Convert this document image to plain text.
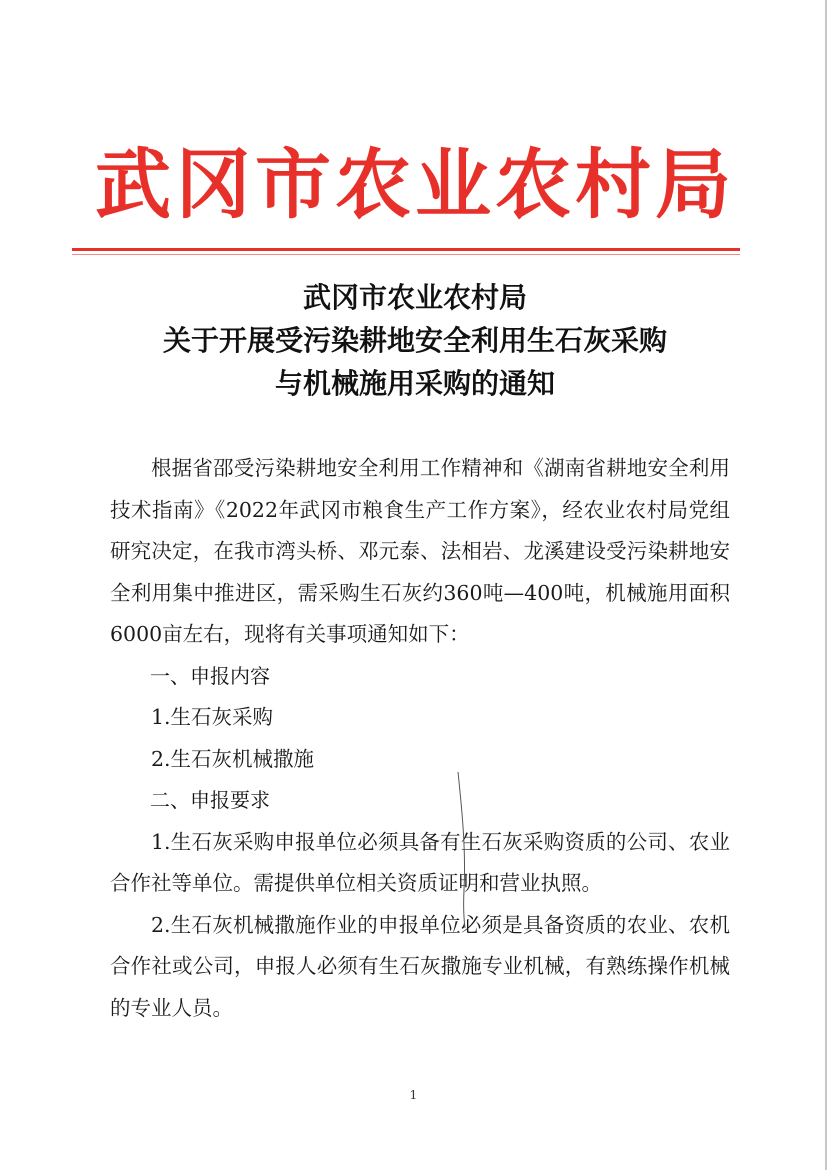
武冈市农业农村局
武冈市农业农村局
关于开展受污染耕地安全利用生石灰采购
与机械施用采购的通知

根据省邵受污染耕地安全利用工作精神和《湖南省耕地安全利用技术指南》《2022年武冈市粮食生产工作方案》，经农业农村局党组研究决定，在我市湾头桥、邓元泰、法相岩、龙溪建设受污染耕地安全利用集中推进区，需采购生石灰约360吨—400吨，机械施用面积6000亩左右，现将有关事项通知如下：

一、申报内容

1.生石灰采购

2.生石灰机械撒施

二、申报要求

1.生石灰采购申报单位必须具备有生石灰采购资质的公司、农业合作社等单位。需提供单位相关资质证明和营业执照。

2.生石灰机械撒施作业的申报单位必须是具备资质的农业、农机合作社或公司，申报人必须有生石灰撒施专业机械，有熟练操作机械的专业人员。

1
